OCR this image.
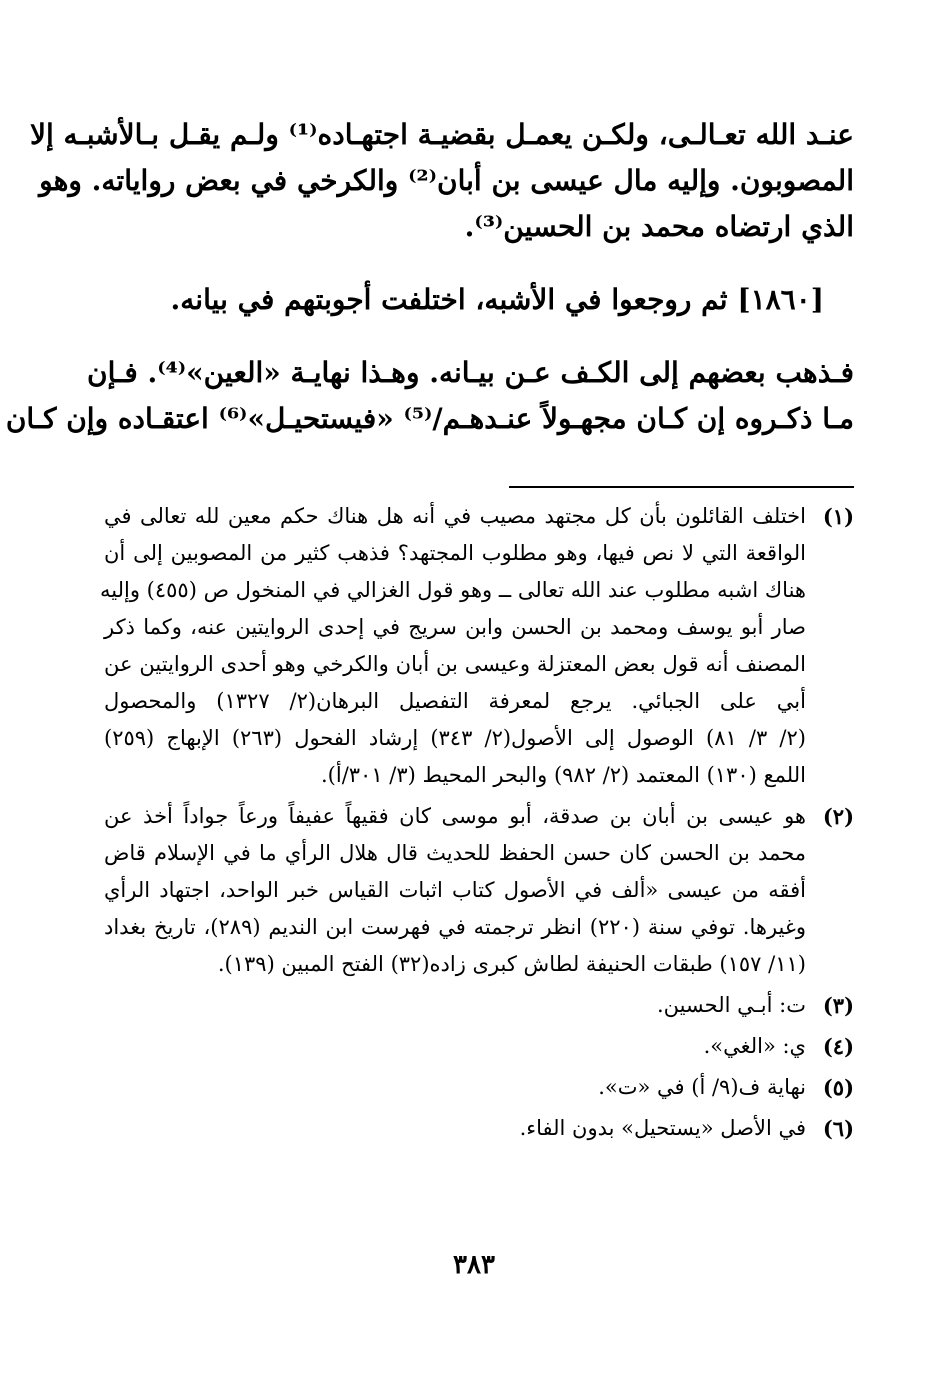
عنـد الله تعـالـى، ولكـن يعمـل بقضيـة اجتهـاده⁽¹⁾ ولـم يقـل بـالأشبـه إلا
المصوبون. وإليه مال عيسى بن أبان⁽²⁾ والكرخي في بعض رواياته. وهو
الذي ارتضاه محمد بن الحسين⁽³⁾.
[١٨٦٠] ثم روجعوا في الأشبه، اختلفت أجوبتهم في بيانه.
فـذهب بعضهم إلى الكـف عـن بيـانه. وهـذا نهايـة «العين»⁽⁴⁾. فـإن
مـا ذكـروه إن كـان مجهـولاً عنـدهـم/⁽⁵⁾ «فيستحيـل»⁽⁶⁾ اعتقـاده وإن كـان
(١)
اختلف القائلون بأن كل مجتهد مصيب في أنه هل هناك حكم معين لله تعالى في
الواقعة التي لا نص فيها، وهو مطلوب المجتهد؟ فذهب كثير من المصوبين إلى أن
هناك اشبه مطلوب عند الله تعالى ــ وهو قول الغزالي في المنخول ص (٤٥٥) وإليه
صار أبو يوسف ومحمد بن الحسن وابن سريج في إحدى الروايتين عنه، وكما ذكر
المصنف أنه قول بعض المعتزلة وعيسى بن أبان والكرخي وهو أحدى الروايتين عن
أبي على الجبائي. يرجع لمعرفة التفصيل البرهان(٢/ ١٣٢٧) والمحصول
(٢/ ٣/ ٨١) الوصول إلى الأصول(٢/ ٣٤٣) إرشاد الفحول (٢٦٣) الإبهاج (٢٥٩)
اللمع (١٣٠) المعتمد (٢/ ٩٨٢) والبحر المحيط (٣/ ٣٠١/أ).
(٢)
هو عيسى بن أبان بن صدقة، أبو موسى كان فقيهاً عفيفاً ورعاً جواداً أخذ عن
محمد بن الحسن كان حسن الحفظ للحديث قال هلال الرأي ما في الإسلام قاض
أفقه من عيسى «ألف في الأصول كتاب اثبات القياس خبر الواحد، اجتهاد الرأي
وغيرها. توفي سنة (٢٢٠) انظر ترجمته في فهرست ابن النديم (٢٨٩)، تاريخ بغداد
(١١/ ١٥٧) طبقات الحنيفة لطاش كبرى زاده(٣٢) الفتح المبين (١٣٩).
(٣)
ت: أبـي الحسين.
(٤)
ي: «الغي».
(٥)
نهاية ف(٩/ أ) في «ت».
(٦)
في الأصل «يستحيل» بدون الفاء.
٣٨٣
